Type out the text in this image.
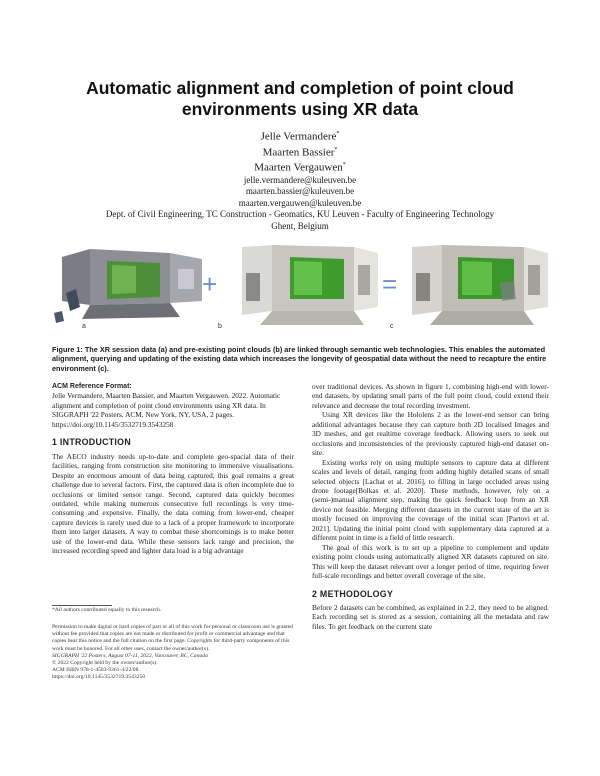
Automatic alignment and completion of point cloud
environments using XR data
Jelle Vermandere*
Maarten Bassier*
Maarten Vergauwen*
jelle.vermandere@kuleuven.be
maarten.bassier@kuleuven.be
maarten.vergauwen@kuleuven.be
Dept. of Civil Engineering, TC Construction - Geomatics, KU Leuven - Faculty of Engineering Technology
Ghent, Belgium
a
+
b
=
c
Figure 1: The XR session data (a) and pre-existing point clouds (b) are linked through semantic web technologies. This enables the automated alignment, querying and updating of the existing data which increases the longevity of geospatial data without the need to recapture the entire environment (c).
ACM Reference Format:
Jelle Vermandere, Maarten Bassier, and Maarten Vergauwen. 2022. Automatic alignment and completion of point cloud environments using XR data. In SIGGRAPH '22 Posters. ACM, New York, NY, USA, 2 pages. https://doi.org/10.1145/3532719.3543258
1 INTRODUCTION
The AECO industry needs up-to-date and complete geo-spacial data of their facilities, ranging from construction site monitoring to immersive visualisations. Despite an enormous amount of data being captured, this goal remains a great challenge due to several factors. First, the captured data is often incomplete due to occlusions or limited sensor range. Second, captured data quickly becomes outdated, while making numerous consecutive full recordings is very time-consuming and expensive. Finally, the data coming from lower-end, cheaper capture devices is rarely used due to a lack of a proper framework to incorporate them into larger datasets. A way to combat these shortcomings is to make better use of the lower-end data. While these sensors lack range and precision, the increased recording speed and lighter data load is a big advantage
*All authors contributed equally to this research.
Permission to make digital or hard copies of part or all of this work for personal or classroom use is granted without fee provided that copies are not made or distributed for profit or commercial advantage and that copies bear this notice and the full citation on the first page. Copyrights for third-party components of this work must be honored. For all other uses, contact the owner/author(s).
SIGGRAPH '22 Posters, August 07-11, 2022, Vancouver, BC, Canada
© 2022 Copyright held by the owner/author(s).
ACM ISBN 978-1-4503-9361-4/22/08.
https://doi.org/10.1145/3532719.3543258
over traditional devices. As shown in figure 1, combining high-end with lower-end datasets, by updating small parts of the full point cloud, could extend their relevance and decrease the total recording investment.
Using XR devices like the Hololens 2 as the lower-end sensor can bring additional advantages because they can capture both 2D localised Images and 3D meshes, and get realtime coverage feedback. Allowing users to seek out occlusions and inconsistencies of the previously captured high-end dataset on-site.
Existing works rely on using multiple sensors to capture data at different scales and levels of detail, ranging from adding highly detailed scans of small selected objects [Lachat et al. 2016], to filling in large occluded areas using drone footage[Bolkas et al. 2020]. These methods, however, rely on a (semi-)manual alignment step, making the quick feedback loop from an XR device not feasible. Merging different datasets in the current state of the art is mostly focused on improving the coverage of the initial scan [Partovi et al. 2021]. Updating the initial point cloud with supplementary data captured at a different point in time is a field of little research.
The goal of this work is to set up a pipeline to complement and update existing point clouds using automatically aligned XR datasets captured on site. This will keep the dataset relevant over a longer period of time, requiring fewer full-scale recordings and better overall coverage of the site.
2 METHODOLOGY
Before 2 datasets can be combined, as explained in 2.2, they need to be aligned. Each recording set is stored as a session, containing all the metadata and raw files. To get feedback on the current state
